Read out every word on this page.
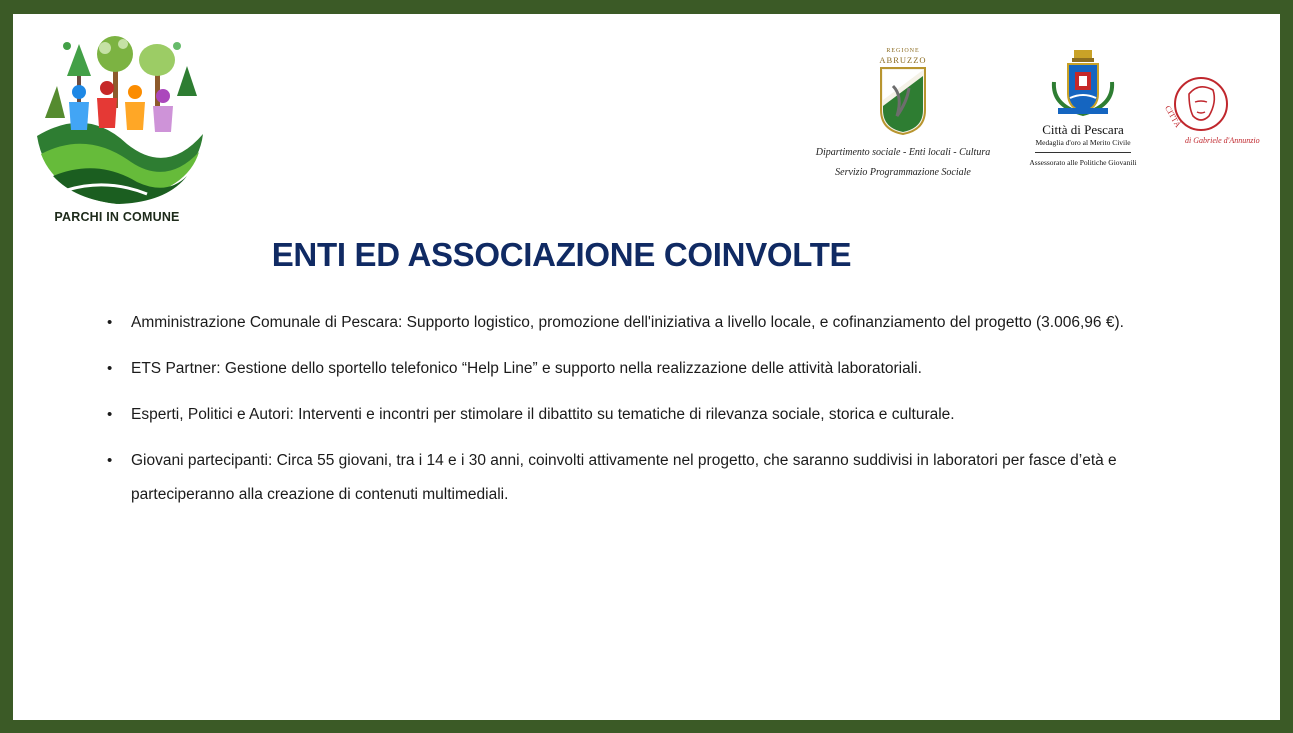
PARCHI IN COMUNE
REGIONE
ABRUZZO
Dipartimento sociale - Enti locali - Cultura
Servizio Programmazione Sociale
Città di Pescara
Medaglia d'oro al Merito Civile
Assessorato alle Politiche Giovanili
CITTÀ
di Gabriele d'Annunzio
ENTI ED ASSOCIAZIONE COINVOLTE
• Amministrazione Comunale di Pescara: Supporto logistico, promozione dell'iniziativa a livello locale, e cofinanziamento del progetto (3.006,96 €).
• ETS Partner: Gestione dello sportello telefonico “Help Line” e supporto nella realizzazione delle attività laboratoriali.
• Esperti, Politici e Autori: Interventi e incontri per stimolare il dibattito su tematiche di rilevanza sociale, storica e culturale.
• Giovani partecipanti: Circa 55 giovani, tra i 14 e i 30 anni, coinvolti attivamente nel progetto, che saranno suddivisi in laboratori per fasce d’età e parteciperanno alla creazione di contenuti multimediali.
